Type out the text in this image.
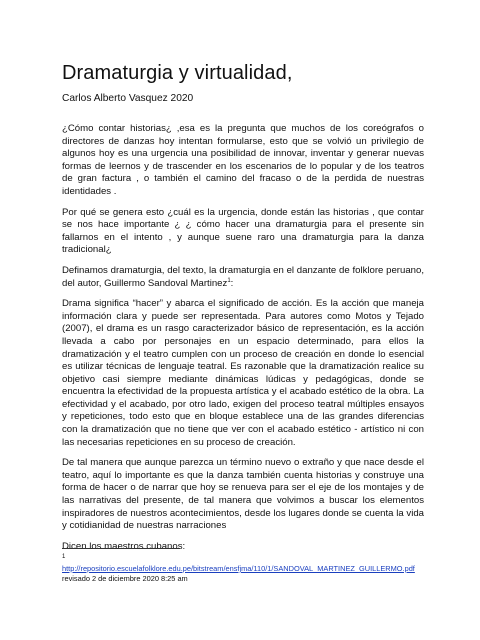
Dramaturgia y virtualidad,
Carlos Alberto Vasquez 2020

¿Cómo contar historias¿ ,esa es la pregunta que muchos de los coreógrafos o directores de danzas hoy intentan formularse, esto que se volvió un privilegio de algunos hoy es una urgencia una posibilidad de innovar, inventar y generar nuevas formas de leernos y de trascender en los escenarios de lo popular y de los teatros de gran factura , o también el camino del fracaso o de la perdida de nuestras identidades .

Por qué se genera esto ¿cuál es la urgencia, donde están las historias , que contar se nos hace importante ¿ ¿ cómo hacer una dramaturgia para el presente sin fallarnos en el intento , y aunque suene raro una dramaturgia para la danza tradicional¿

Definamos dramaturgia, del texto, la dramaturgia en el danzante de folklore peruano, del autor, Guillermo Sandoval Martinez$^1$:

Drama significa “hacer” y abarca el significado de acción. Es la acción que maneja información clara y puede ser representada. Para autores como Motos y Tejado (2007), el drama es un rasgo caracterizador básico de representación, es la acción llevada a cabo por personajes en un espacio determinado, para ellos la dramatización y el teatro cumplen con un proceso de creación en donde lo esencial es utilizar técnicas de lenguaje teatral. Es razonable que la dramatización realice su objetivo casi siempre mediante dinámicas lúdicas y pedagógicas, donde se encuentra la efectividad de la propuesta artística y el acabado estético de la obra. La efectividad y el acabado, por otro lado, exigen del proceso teatral múltiples ensayos y repeticiones, todo esto que en bloque establece una de las grandes diferencias con la dramatización que no tiene que ver con el acabado estético - artístico ni con las necesarias repeticiones en su proceso de creación.

De tal manera que aunque parezca un término nuevo o extraño y que nace desde el teatro, aquí lo importante es que la danza también cuenta historias y construye una forma de hacer o de narrar que hoy se renueva para ser el eje de los montajes y de las narrativas del presente, de tal manera que volvimos a buscar los elementos inspiradores de nuestros acontecimientos, desde los lugares donde se cuenta la vida y cotidianidad de nuestras narraciones

Dicen los maestros cubanos:

1
http://repositorio.escuelafolklore.edu.pe/bitstream/ensfjma/110/1/SANDOVAL_MARTINEZ_GUILLERMO.pdf revisado 2 de diciembre 2020 8:25 am
